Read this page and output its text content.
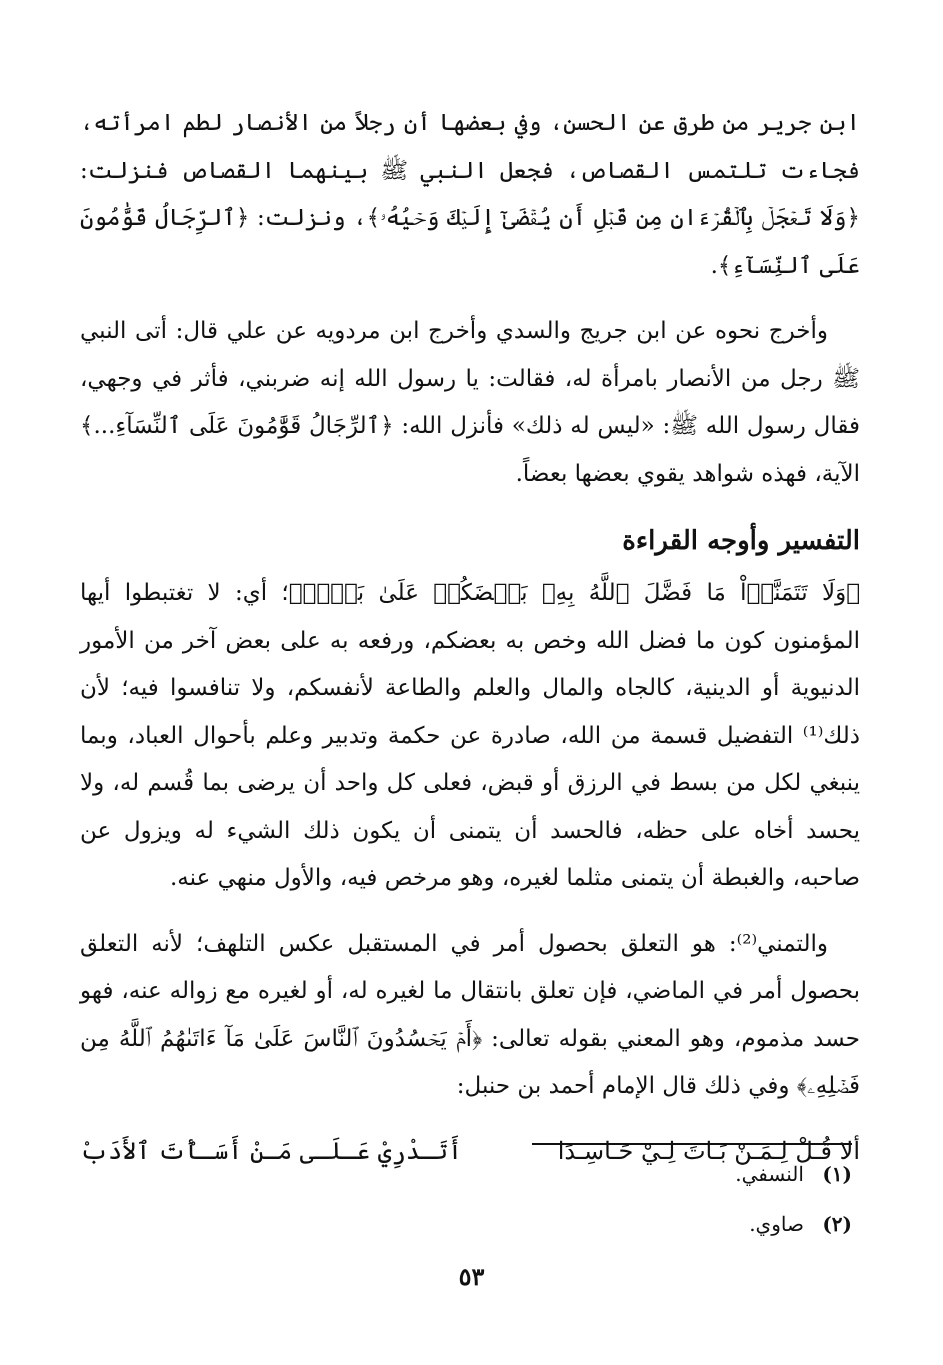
ابن جرير من طرق عن الحسن، وفي بعضها أن رجلاً من الأنصار لطم امرأته، فجاءت تلتمس القصاص، فجعل النبي ﷺ بينهما القصاص فنزلت: ﴿وَلَا تَعۡجَلۡ بِٱلۡقُرۡءَانِ مِن قَبۡلِ أَن يُقۡضَىٰٓ إِلَيۡكَ وَحۡيُهُۥ﴾، ونزلت: ﴿ٱلرِّجَالُ قَوَّٰمُونَ عَلَى ٱلنِّسَآءِ﴾.

وأخرج نحوه عن ابن جريج والسدي وأخرج ابن مردويه عن علي قال: أتى النبي ﷺ رجل من الأنصار بامرأة له، فقالت: يا رسول الله إنه ضربني، فأثر في وجهي، فقال رسول الله ﷺ: «ليس له ذلك» فأنزل الله: ﴿ٱلرِّجَالُ قَوَّٰمُونَ عَلَى ٱلنِّسَآءِ...﴾ الآية، فهذه شواهد يقوي بعضها بعضاً.

التفسير وأوجه القراءة

﴿وَلَا تَتَمَنَّوۡاْ مَا فَضَّلَ ٱللَّهُ بِهِۦ بَعۡضَكُمۡ عَلَىٰ بَعۡضٖ﴾؛ أي: لا تغتبطوا أيها المؤمنون كون ما فضل الله وخص به بعضكم، ورفعه به على بعض آخر من الأمور الدنيوية أو الدينية، كالجاه والمال والعلم والطاعة لأنفسكم، ولا تنافسوا فيه؛ لأن ذلك⁽¹⁾ التفضيل قسمة من الله، صادرة عن حكمة وتدبير وعلم بأحوال العباد، وبما ينبغي لكل من بسط في الرزق أو قبض، فعلى كل واحد أن يرضى بما قُسم له، ولا يحسد أخاه على حظه، فالحسد أن يتمنى أن يكون ذلك الشيء له ويزول عن صاحبه، والغبطة أن يتمنى مثلما لغيره، وهو مرخص فيه، والأول منهي عنه.

والتمني⁽²⁾: هو التعلق بحصول أمر في المستقبل عكس التلهف؛ لأنه التعلق بحصول أمر في الماضي، فإن تعلق بانتقال ما لغيره له، أو لغيره مع زواله عنه، فهو حسد مذموم، وهو المعني بقوله تعالى: ﴿أَمۡ يَحۡسُدُونَ ٱلنَّاسَ عَلَىٰ مَآ ءَاتَىٰهُمُ ٱللَّهُ مِن فَضۡلِهِۦ﴾ وفي ذلك قال الإمام أحمد بن حنبل:

ألا قُـلْ لِـمَـنْ بَـاتَ لِـيْ حَـاسِـدَا
أَتَـدْرِيْ عَـلَـى مَـنْ أَسَـأْتَ ٱلأَدَبْ

(١) النسفي.

(٢) صاوي.

٥٣
